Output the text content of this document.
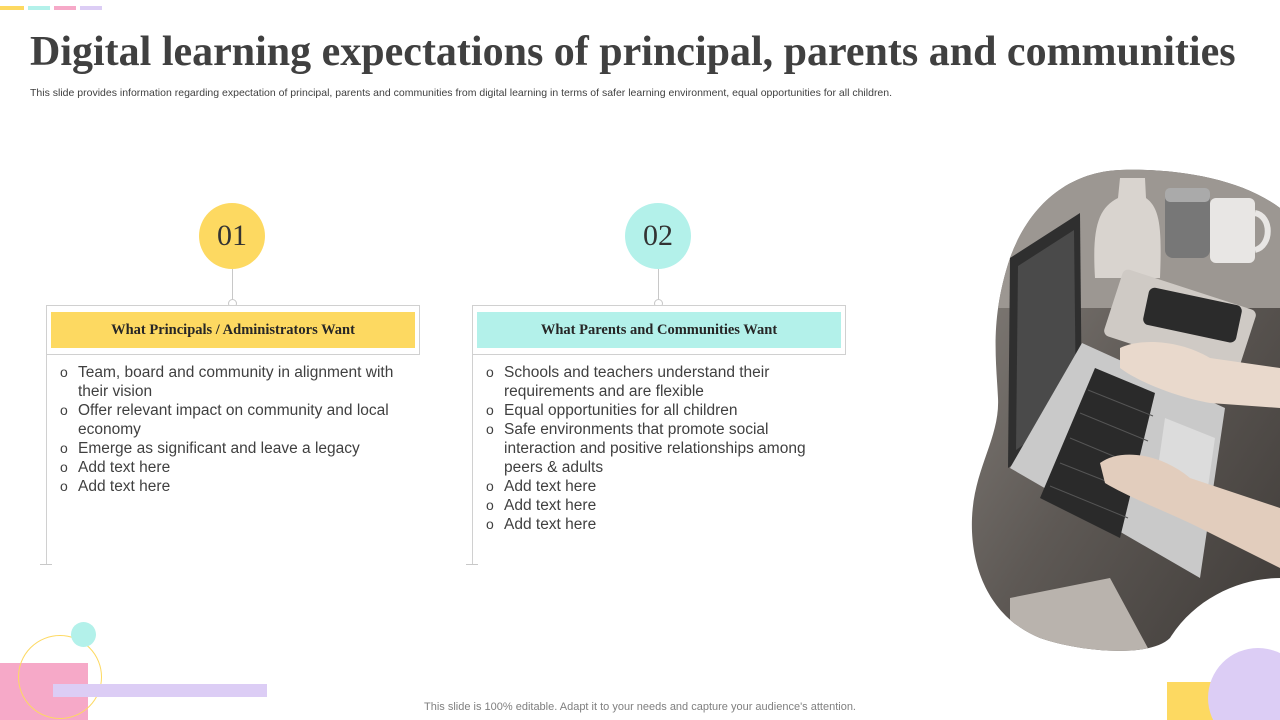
Digital learning expectations of principal, parents and communities

This slide provides information regarding expectation of principal, parents and communities from digital learning in terms of safer learning environment, equal opportunities for all children.

01
What Principals / Administrators Want
o Team, board and community in alignment with their vision
o Offer relevant impact on community and local economy
o Emerge as significant and leave a legacy
o Add text here
o Add text here
02
What Parents and Communities Want
o Schools and teachers understand their requirements and are flexible
o Equal opportunities for all children
o Safe environments that promote social interaction and positive relationships among peers & adults
o Add text here
o Add text here
o Add text here
This slide is 100% editable. Adapt it to your needs and capture your audience's attention.
